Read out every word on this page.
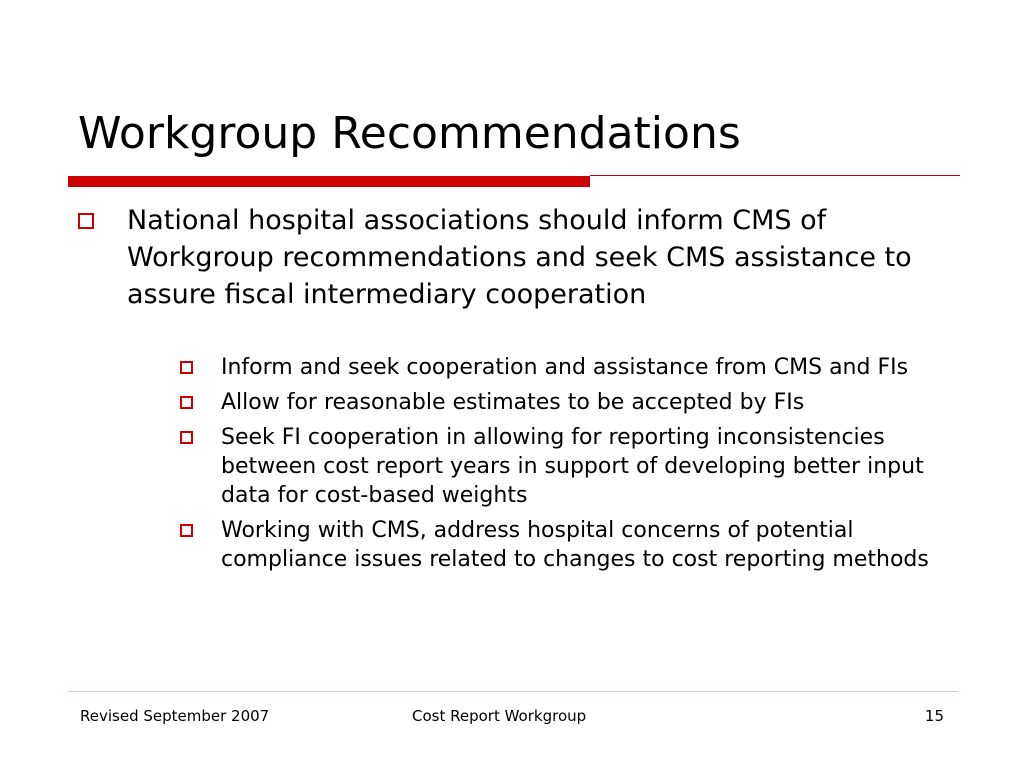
Workgroup Recommendations
National hospital associations should inform CMS of Workgroup recommendations and seek CMS assistance to assure fiscal intermediary cooperation
Inform and seek cooperation and assistance from CMS and FIs
Allow for reasonable estimates to be accepted by FIs
Seek FI cooperation in allowing for reporting inconsistencies between cost report years in support of developing better input data for cost-based weights
Working with CMS, address hospital concerns of potential compliance issues related to changes to cost reporting methods
Revised September 2007	Cost Report Workgroup	15
